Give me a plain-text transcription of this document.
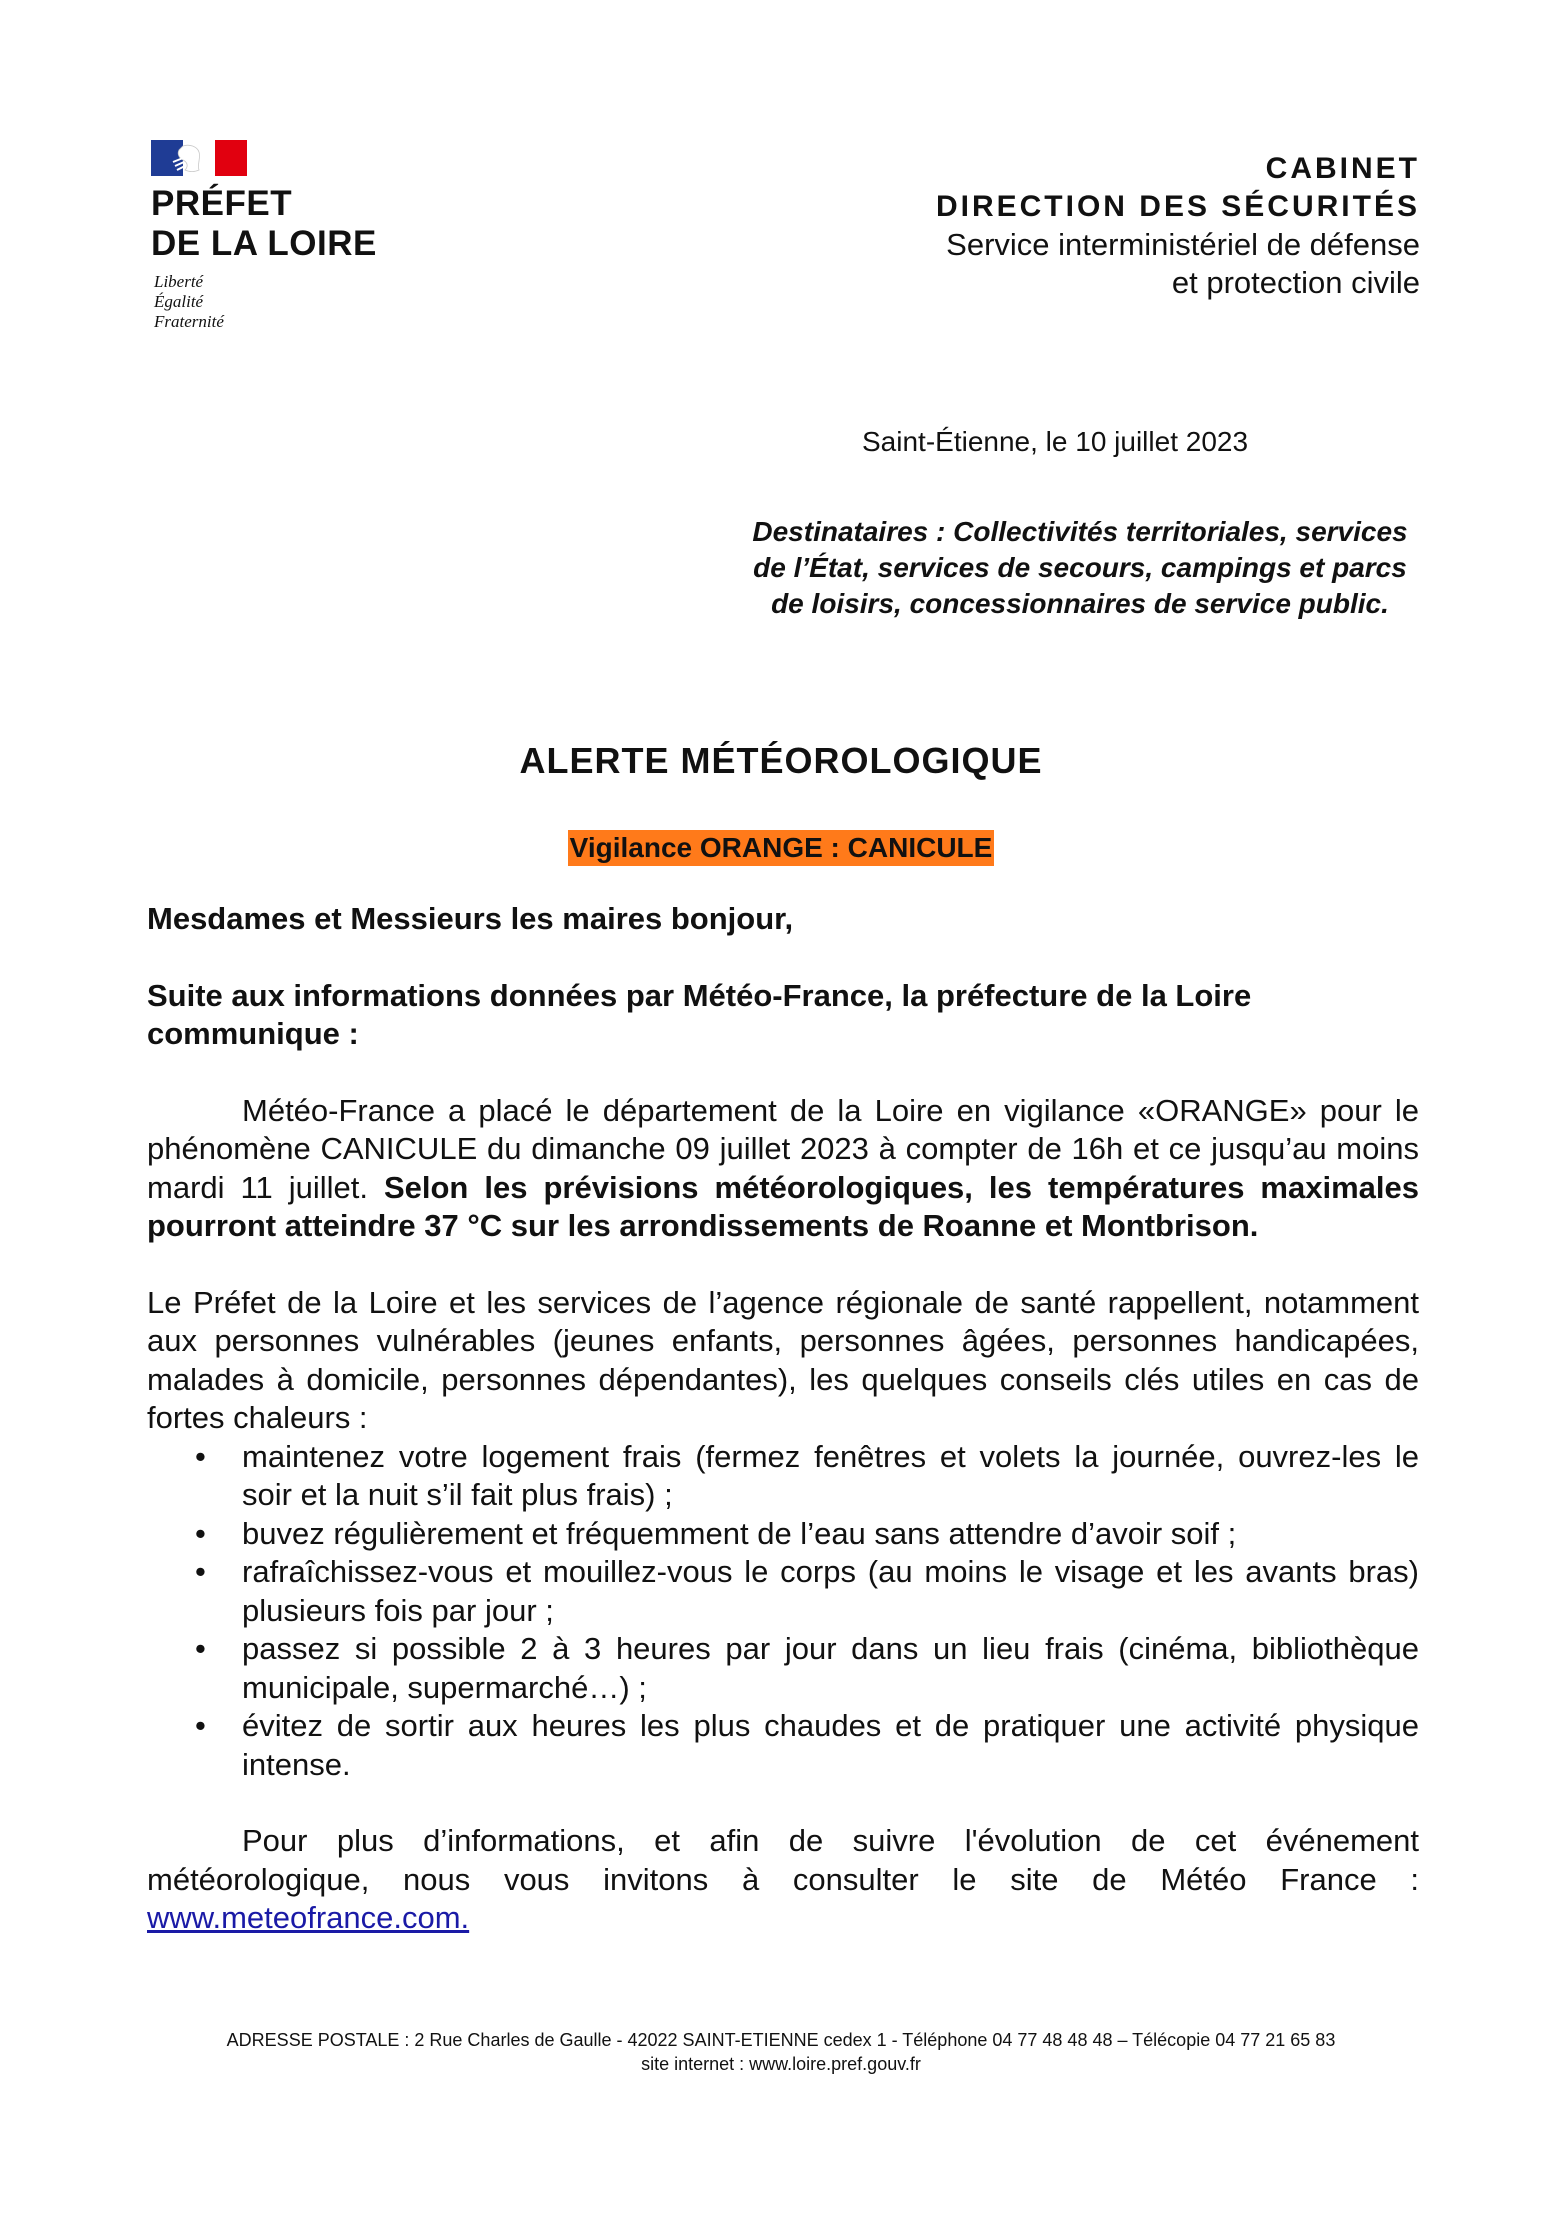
PRÉFET
DE LA LOIRE
Liberté
Égalité
Fraternité
CABINET
DIRECTION DES SÉCURITÉS
Service interministériel de défense
et protection civile
Saint-Étienne, le 10 juillet 2023
Destinataires : Collectivités territoriales, services de l’État, services de secours, campings et parcs de loisirs, concessionnaires de service public.
ALERTE MÉTÉOROLOGIQUE
Vigilance ORANGE : CANICULE

Mesdames et Messieurs les maires bonjour,

Suite aux informations données par Météo-France, la préfecture de la Loire communique :

Météo-France a placé le département de la Loire en vigilance «ORANGE» pour le phénomène CANICULE du dimanche 09 juillet 2023 à compter de 16h et ce jusqu’au moins mardi 11 juillet. Selon les prévisions météorologiques, les températures maximales pourront atteindre 37 °C sur les arrondissements de Roanne et Montbrison.

Le Préfet de la Loire et les services de l’agence régionale de santé rappellent, notamment aux personnes vulnérables (jeunes enfants, personnes âgées, personnes handicapées, malades à domicile, personnes dépendantes), les quelques conseils clés utiles en cas de fortes chaleurs :

• maintenez votre logement frais (fermez fenêtres et volets la journée, ouvrez-les le soir et la nuit s’il fait plus frais) ;
• buvez régulièrement et fréquemment de l’eau sans attendre d’avoir soif ;
• rafraîchissez-vous et mouillez-vous le corps (au moins le visage et les avants bras) plusieurs fois par jour ;
• passez si possible 2 à 3 heures par jour dans un lieu frais (cinéma, bibliothèque municipale, supermarché…) ;
• évitez de sortir aux heures les plus chaudes et de pratiquer une activité physique intense.

Pour plus d’informations, et afin de suivre l'évolution de cet événement météorologique, nous vous invitons à consulter le site de Météo France : www.meteofrance.com.

ADRESSE POSTALE : 2 Rue Charles de Gaulle - 42022 SAINT-ETIENNE cedex 1 - Téléphone 04 77 48 48 48 – Télécopie 04 77 21 65 83
site internet : www.loire.pref.gouv.fr
